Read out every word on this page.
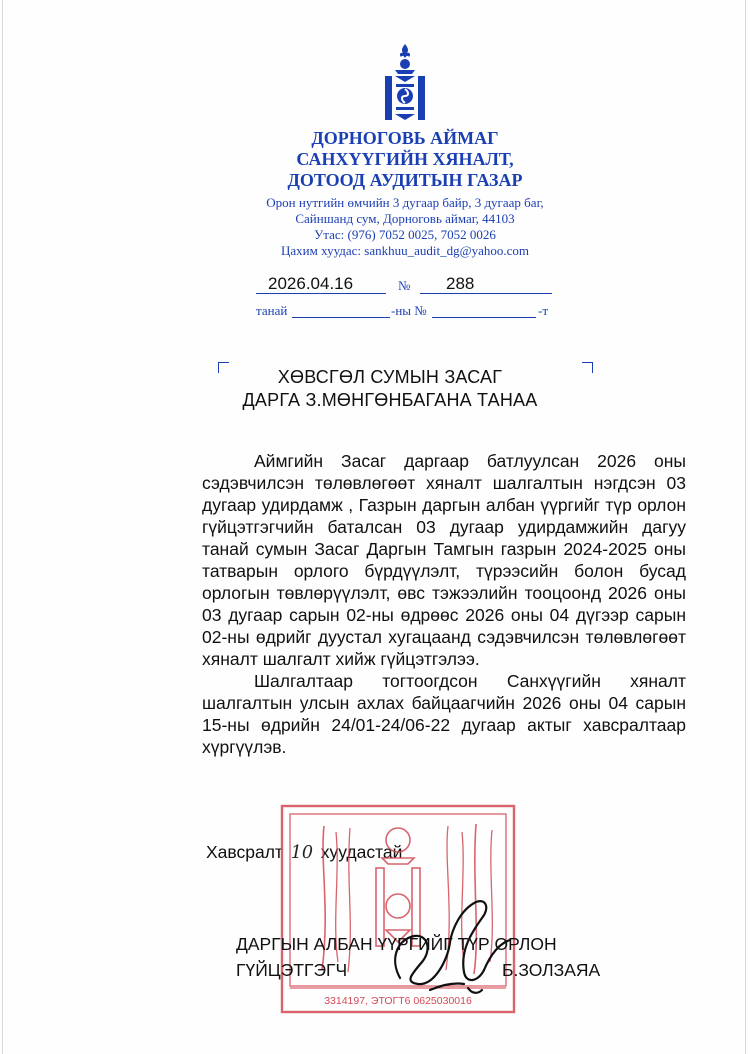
ДОРНОГОВЬ АЙМАГ
САНХҮҮГИЙН ХЯНАЛТ,
ДОТООД АУДИТЫН ГАЗАР
Орон нутгийн өмчийн 3 дугаар байр, 3 дугаар баг,
Сайншанд сум, Дорноговь аймаг, 44103
Утас: (976) 7052 0025, 7052 0026
Цахим хуудас: sankhuu_audit_dg@yahoo.com
2026.04.16	№ 288
танай	-ны №	-т
ХӨВСГӨЛ СУМЫН ЗАСАГ
ДАРГА З.МӨНГӨНБАГАНА ТАНАА

Аймгийн Засаг даргаар батлуулсан 2026 оны сэдэвчилсэн төлөвлөгөөт хяналт шалгалтын нэгдсэн 03 дугаар удирдамж , Газрын даргын албан үүргийг түр орлон гүйцэтгэгчийн баталсан 03 дугаар удирдамжийн дагуу танай сумын Засаг Даргын Тамгын газрын 2024-2025 оны татварын орлого бүрдүүлэлт, түрээсийн болон бусад орлогын төвлөрүүлэлт, өвс тэжээлийн тооцоонд 2026 оны 03 дугаар сарын 02-ны өдрөөс 2026 оны 04 дүгээр сарын 02-ны өдрийг дуустал хугацаанд сэдэвчилсэн төлөвлөгөөт хяналт шалгалт хийж гүйцэтгэлээ.

Шалгалтаар тогтоогдсон Санхүүгийн хяналт шалгалтын улсын ахлах байцаагчийн 2026 оны 04 сарын 15-ны өдрийн 24/01-24/06-22 дугаар актыг хавсралтаар хүргүүлэв.

Хавсралт 10 хуудастай
3314197, ЭТОГТ6 0625030016
ДАРГЫН АЛБАН ҮҮРГИЙГ ТҮР ОРЛОН
ГҮЙЦЭТГЭГЧ	Б.ЗОЛЗАЯА
